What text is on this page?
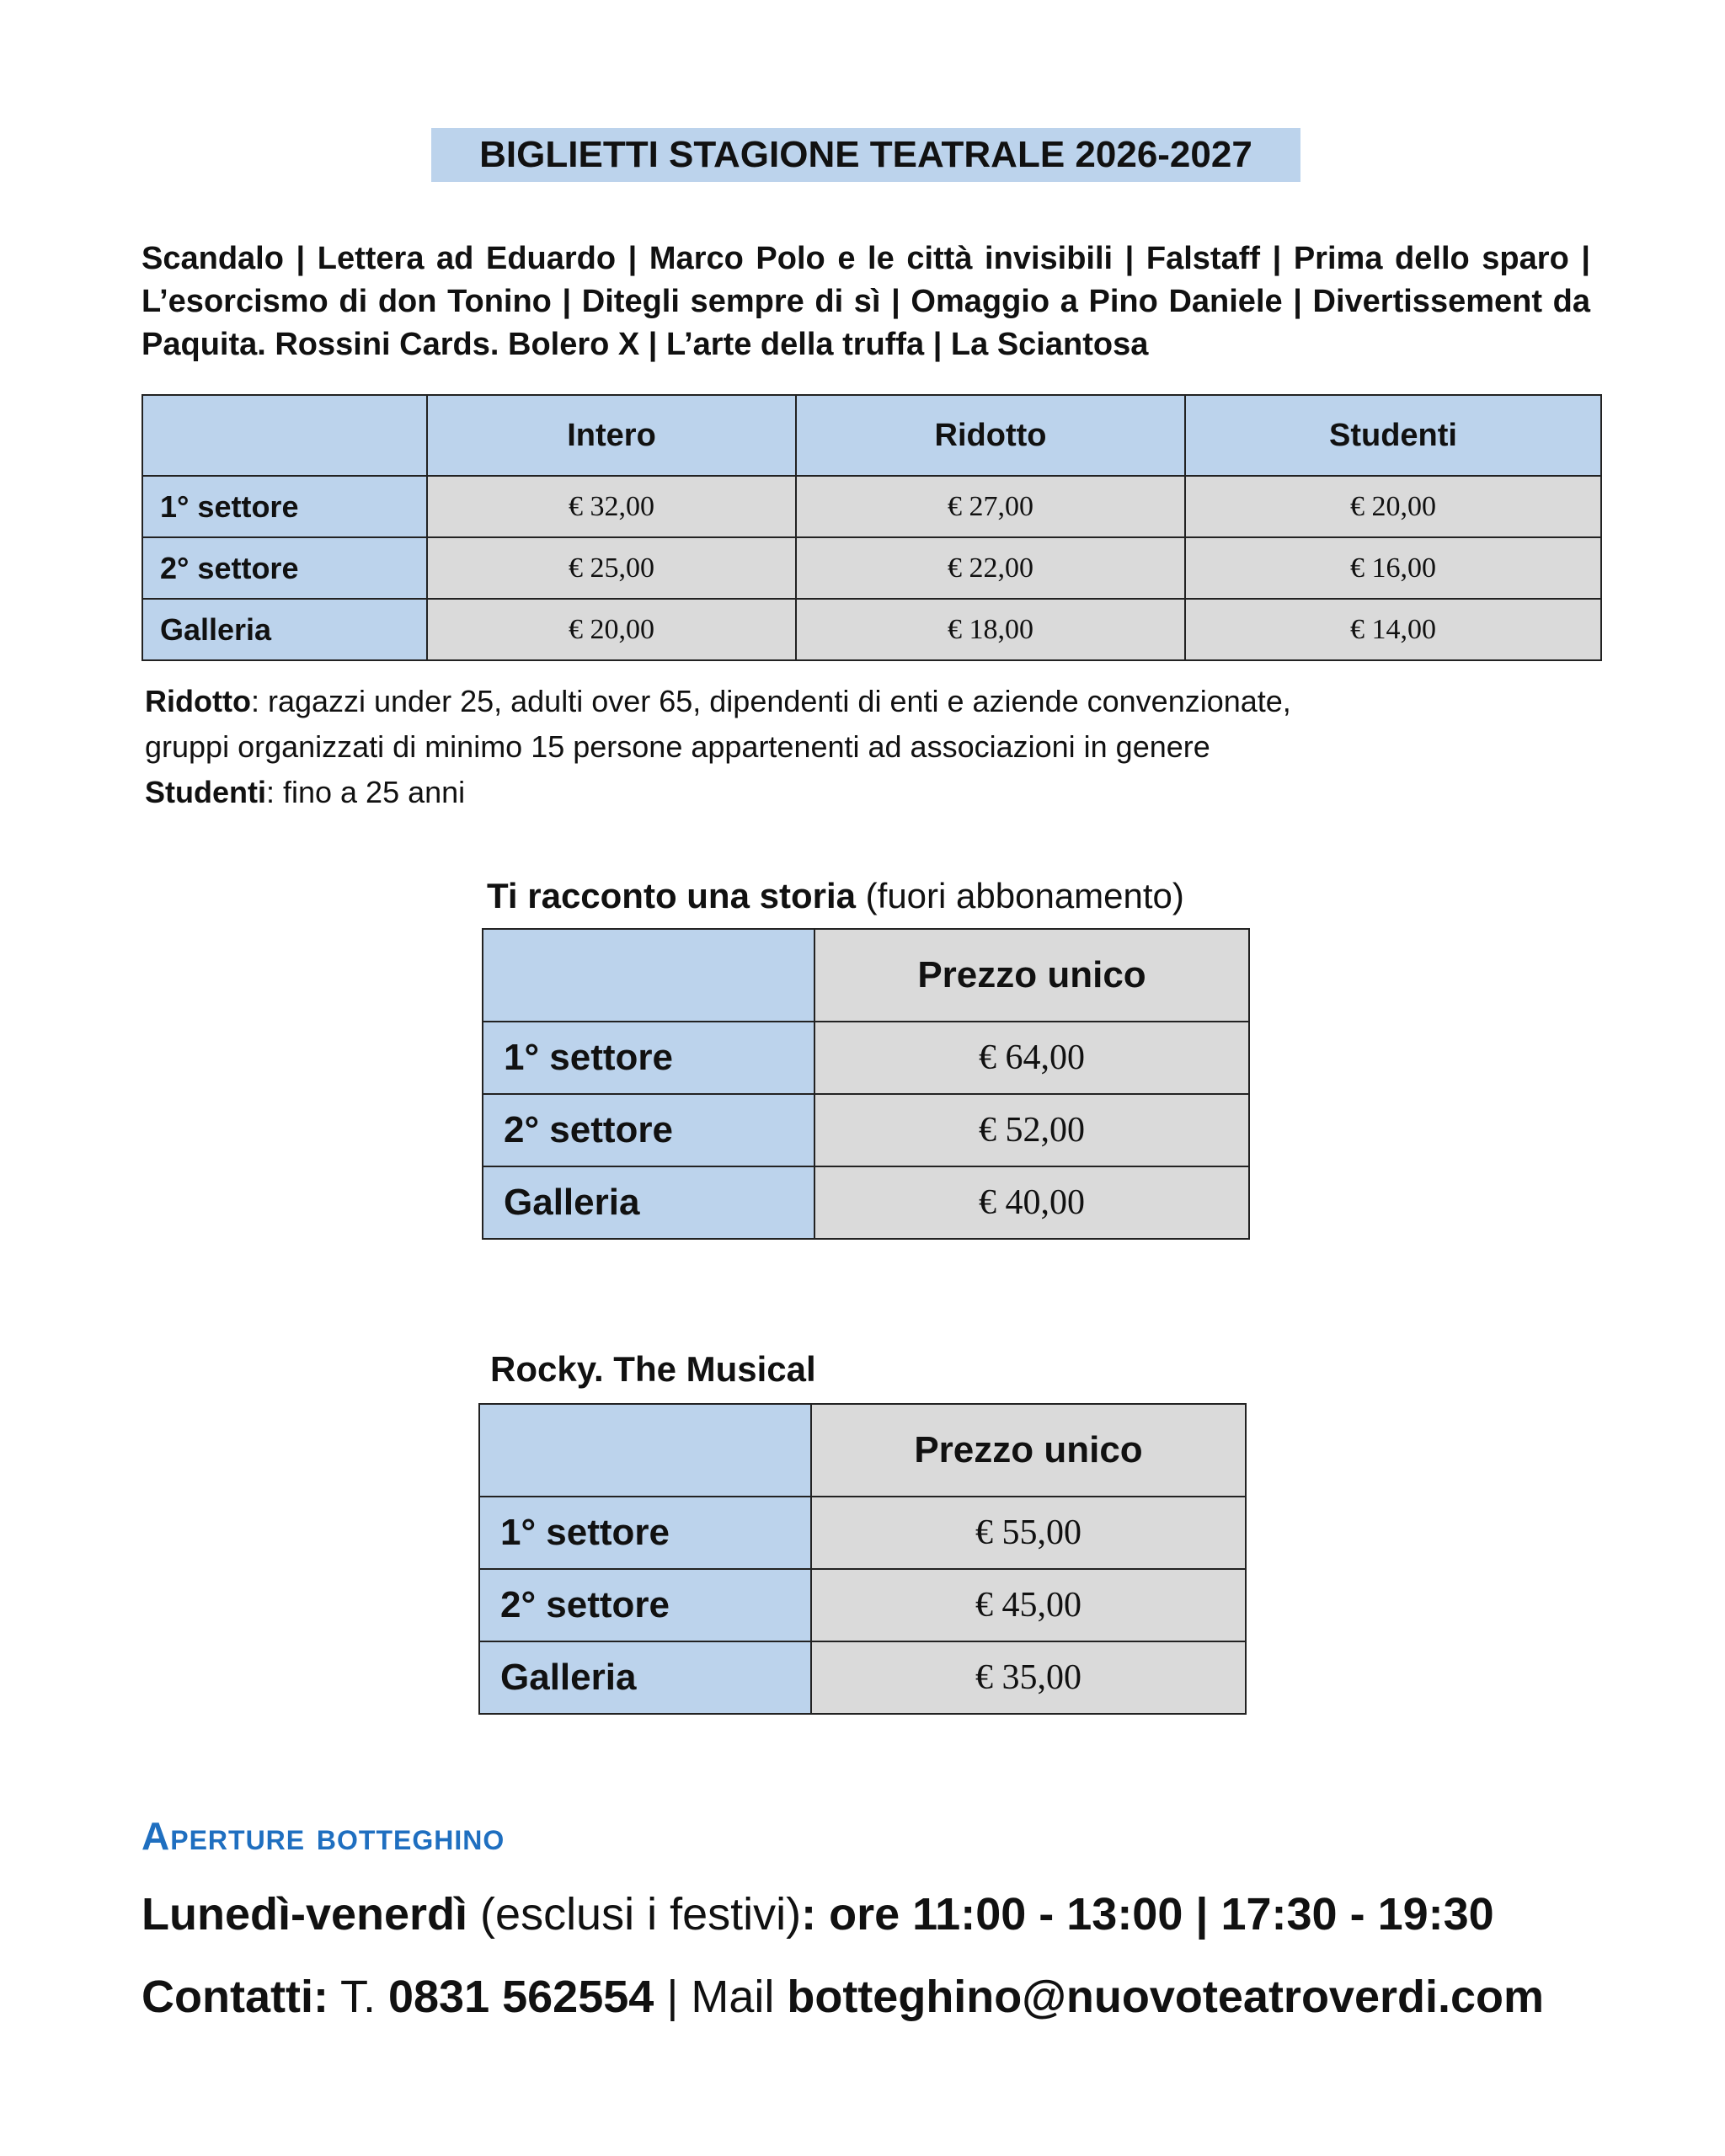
BIGLIETTI STAGIONE TEATRALE 2026-2027
Scandalo | Lettera ad Eduardo | Marco Polo e le città invisibili | Falstaff | Prima dello sparo | L’esorcismo di don Tonino | Ditegli sempre di sì | Omaggio a Pino Daniele | Divertissement da Paquita. Rossini Cards. Bolero X | L’arte della truffa | La Sciantosa
	Intero	Ridotto	Studenti
1° settore	€ 32,00	€ 27,00	€ 20,00
2° settore	€ 25,00	€ 22,00	€ 16,00
Galleria	€ 20,00	€ 18,00	€ 14,00
Ridotto: ragazzi under 25, adulti over 65, dipendenti di enti e aziende convenzionate,
gruppi organizzati di minimo 15 persone appartenenti ad associazioni in genere
Studenti: fino a 25 anni
Ti racconto una storia (fuori abbonamento)
	Prezzo unico
1° settore	€ 64,00
2° settore	€ 52,00
Galleria	€ 40,00
Rocky. The Musical
	Prezzo unico
1° settore	€ 55,00
2° settore	€ 45,00
Galleria	€ 35,00
Aperture botteghino
Lunedì-venerdì (esclusi i festivi): ore 11:00 - 13:00 | 17:30 - 19:30
Contatti: T. 0831 562554 | Mail botteghino@nuovoteatroverdi.com
